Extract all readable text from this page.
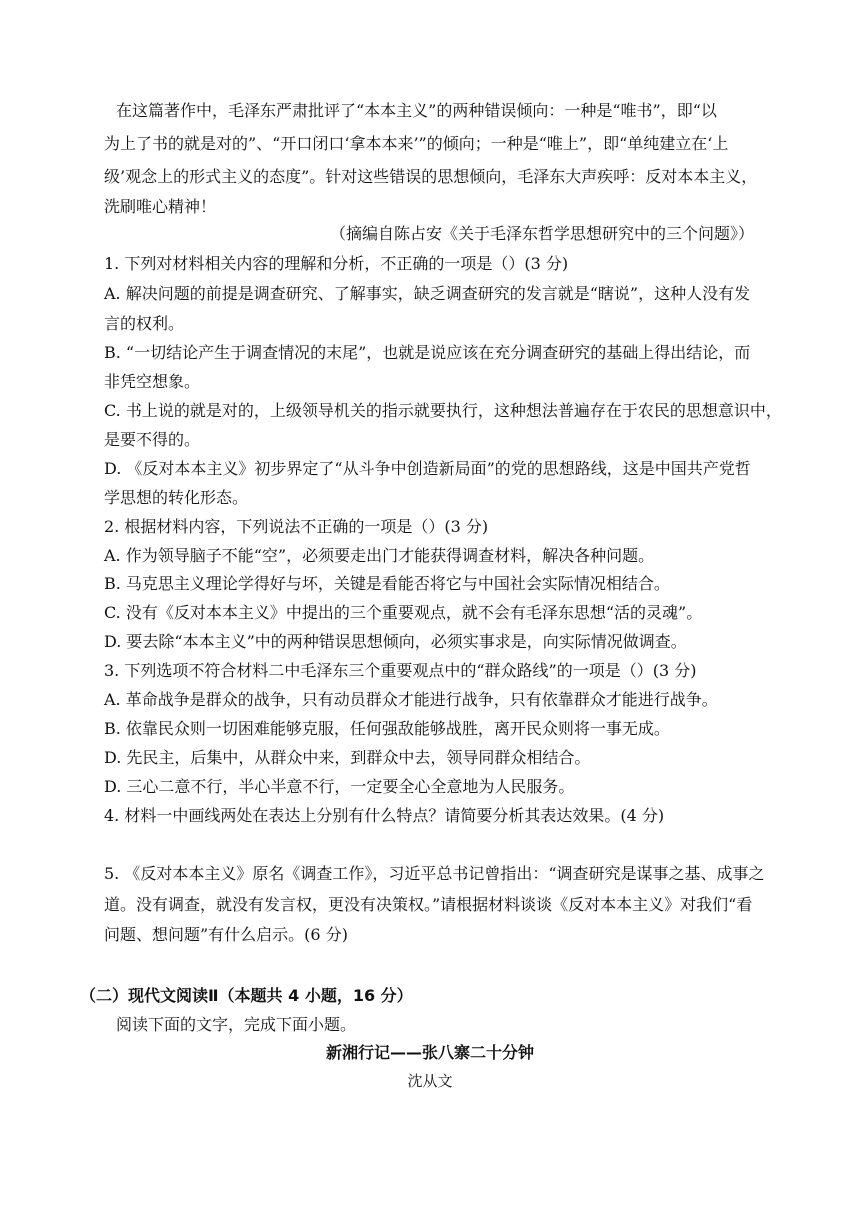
在这篇著作中，毛泽东严肃批评了“本本主义”的两种错误倾向：一种是“唯书”，即“以
为上了书的就是对的”、“开口闭口‘拿本本来’”的倾向；一种是“唯上”，即“单纯建立在‘上
级’观念上的形式主义的态度”。针对这些错误的思想倾向，毛泽东大声疾呼：反对本本主义，
洗刷唯心精神！
（摘编自陈占安《关于毛泽东哲学思想研究中的三个问题》）
1. 下列对材料相关内容的理解和分析，不正确的一项是（）(3 分)
A. 解决问题的前提是调查研究、了解事实，缺乏调查研究的发言就是“瞎说”，这种人没有发
言的权利。
B. “一切结论产生于调查情况的末尾”，也就是说应该在充分调查研究的基础上得出结论，而
非凭空想象。
C. 书上说的就是对的，上级领导机关的指示就要执行，这种想法普遍存在于农民的思想意识中，
是要不得的。
D. 《反对本本主义》初步界定了“从斗争中创造新局面”的党的思想路线，这是中国共产党哲
学思想的转化形态。
2. 根据材料内容，下列说法不正确的一项是（）(3 分)
A. 作为领导脑子不能“空”，必须要走出门才能获得调查材料，解决各种问题。
B. 马克思主义理论学得好与坏，关键是看能否将它与中国社会实际情况相结合。
C. 没有《反对本本主义》中提出的三个重要观点，就不会有毛泽东思想“活的灵魂”。
D. 要去除“本本主义”中的两种错误思想倾向，必须实事求是，向实际情况做调查。
3. 下列选项不符合材料二中毛泽东三个重要观点中的“群众路线”的一项是（）(3 分)
A. 革命战争是群众的战争，只有动员群众才能进行战争，只有依靠群众才能进行战争。
B. 依靠民众则一切困难能够克服，任何强敌能够战胜，离开民众则将一事无成。
D. 先民主，后集中，从群众中来，到群众中去，领导同群众相结合。
D. 三心二意不行，半心半意不行，一定要全心全意地为人民服务。
4. 材料一中画线两处在表达上分别有什么特点？请简要分析其表达效果。(4 分)
5. 《反对本本主义》原名《调查工作》，习近平总书记曾指出：“调查研究是谋事之基、成事之
道。没有调查，就没有发言权，更没有决策权。”请根据材料谈谈《反对本本主义》对我们“看
问题、想问题”有什么启示。(6 分)
（二）现代文阅读Ⅱ（本题共 4 小题，16 分）
阅读下面的文字，完成下面小题。
新湘行记——张八寨二十分钟
沈从文
